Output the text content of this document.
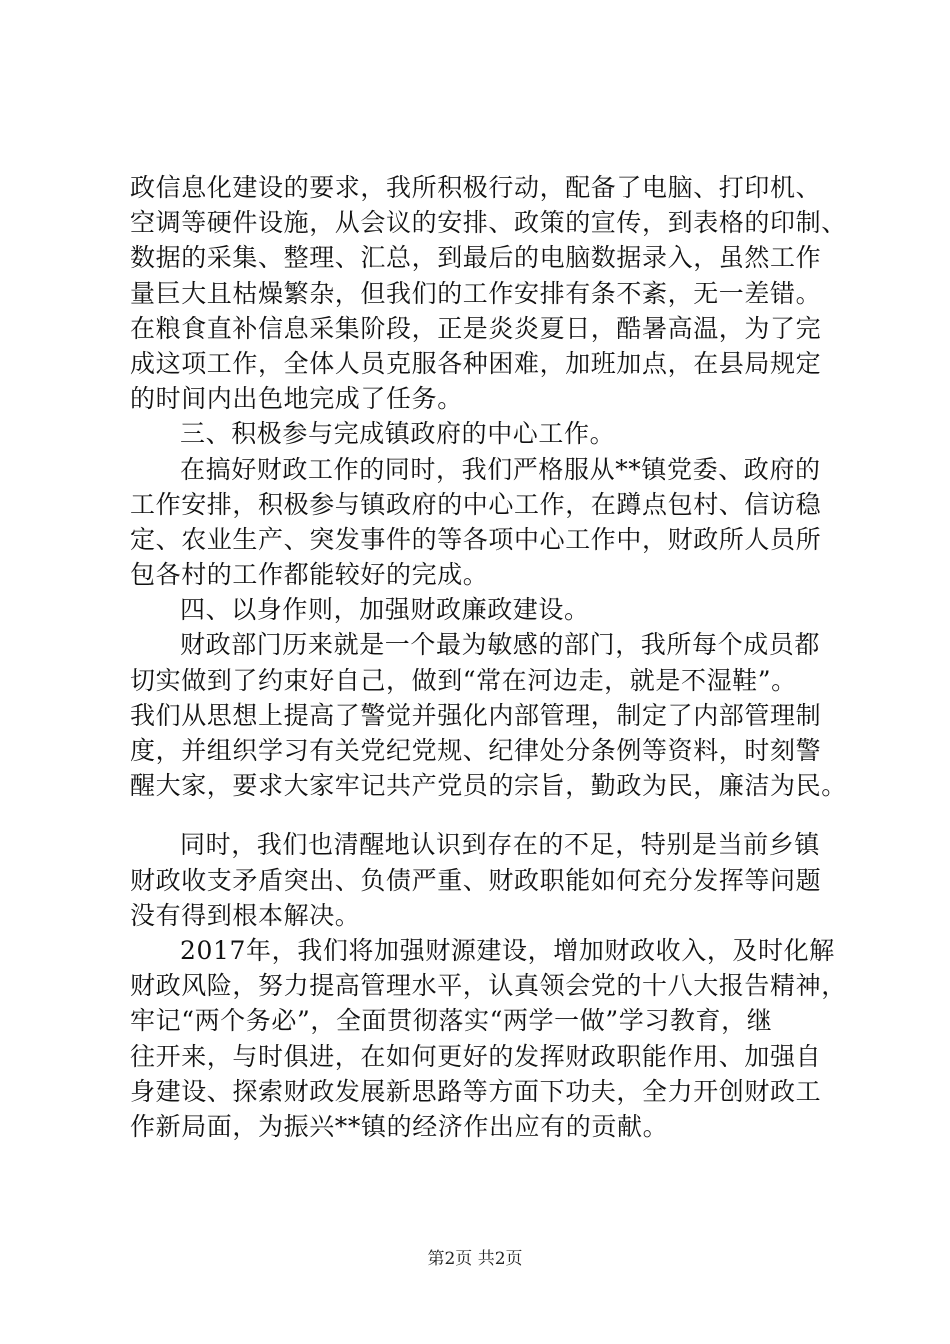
政信息化建设的要求，我所积极行动，配备了电脑、打印机、
空调等硬件设施，从会议的安排、政策的宣传，到表格的印制、
数据的采集、整理、汇总，到最后的电脑数据录入，虽然工作
量巨大且枯燥繁杂，但我们的工作安排有条不紊，无一差错。
在粮食直补信息采集阶段，正是炎炎夏日，酷暑高温，为了完
成这项工作，全体人员克服各种困难，加班加点，在县局规定
的时间内出色地完成了任务。
三、积极参与完成镇政府的中心工作。
在搞好财政工作的同时，我们严格服从**镇党委、政府的
工作安排，积极参与镇政府的中心工作，在蹲点包村、信访稳
定、农业生产、突发事件的等各项中心工作中，财政所人员所
包各村的工作都能较好的完成。
四、以身作则，加强财政廉政建设。
财政部门历来就是一个最为敏感的部门，我所每个成员都
切实做到了约束好自己，做到“常在河边走，就是不湿鞋”。
我们从思想上提高了警觉并强化内部管理，制定了内部管理制
度，并组织学习有关党纪党规、纪律处分条例等资料，时刻警
醒大家，要求大家牢记共产党员的宗旨，勤政为民，廉洁为民。
同时，我们也清醒地认识到存在的不足，特别是当前乡镇
财政收支矛盾突出、负债严重、财政职能如何充分发挥等问题
没有得到根本解决。
2017年，我们将加强财源建设，增加财政收入，及时化解
财政风险，努力提高管理水平，认真领会党的十八大报告精神，
牢记“两个务必”，全面贯彻落实“两学一做”学习教育，继
往开来，与时俱进，在如何更好的发挥财政职能作用、加强自
身建设、探索财政发展新思路等方面下功夫，全力开创财政工
作新局面，为振兴**镇的经济作出应有的贡献。
第2页 共2页
